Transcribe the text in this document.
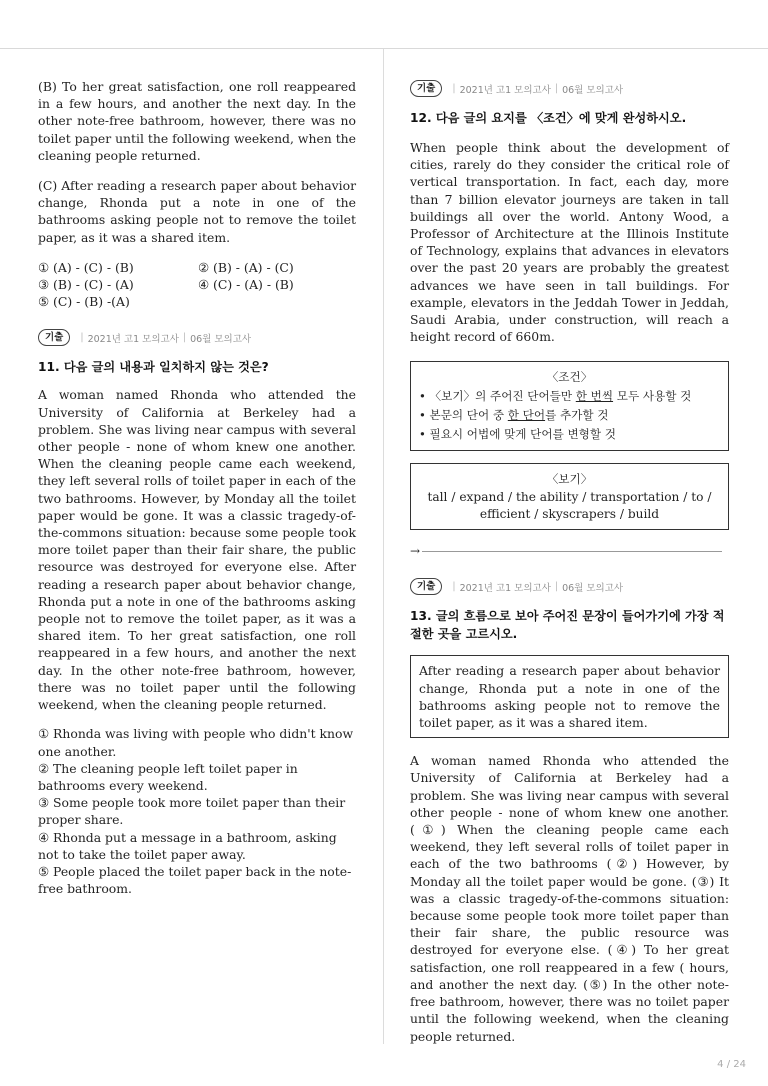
(B) To her great satisfaction, one roll reappeared in a few hours, and another the next day. In the other note-free bathroom, however, there was no toilet paper until the following weekend, when the cleaning people returned.

(C) After reading a research paper about behavior change, Rhonda put a note in one of the bathrooms asking people not to remove the toilet paper, as it was a shared item.

① (A) - (C) - (B)	② (B) - (A) - (C)
③ (B) - (C) - (A)	④ (C) - (A) - (B)
⑤ (C) - (B) -(A)
기출	| 2021년 고1 모의고사 | 06월 모의고사

11. 다음 글의 내용과 일치하지 않는 것은?

A woman named Rhonda who attended the University of California at Berkeley had a problem. She was living near campus with several other people - none of whom knew one another. When the cleaning people came each weekend, they left several rolls of toilet paper in each of the two bathrooms. However, by Monday all the toilet paper would be gone. It was a classic tragedy-of-the-commons situation: because some people took more toilet paper than their fair share, the public resource was destroyed for everyone else. After reading a research paper about behavior change, Rhonda put a note in one of the bathrooms asking people not to remove the toilet paper, as it was a shared item. To her great satisfaction, one roll reappeared in a few hours, and another the next day. In the other note-free bathroom, however, there was no toilet paper until the following weekend, when the cleaning people returned.

① Rhonda was living with people who didn't know one another.

② The cleaning people left toilet paper in bathrooms every weekend.

③ Some people took more toilet paper than their proper share.

④ Rhonda put a message in a bathroom, asking not to take the toilet paper away.

⑤ People placed the toilet paper back in the note-free bathroom.

기출	| 2021년 고1 모의고사 | 06월 모의고사

12. 다음 글의 요지를 〈조건〉에 맞게 완성하시오.

When people think about the development of cities, rarely do they consider the critical role of vertical transportation. In fact, each day, more than 7 billion elevator journeys are taken in tall buildings all over the world. Antony Wood, a Professor of Architecture at the Illinois Institute of Technology, explains that advances in elevators over the past 20 years are probably the greatest advances we have seen in tall buildings. For example, elevators in the Jeddah Tower in Jeddah, Saudi Arabia, under construction, will reach a height record of 660m.

〈조건〉
• 〈보기〉의 주어진 단어들만 한 번씩 모두 사용할 것
• 본문의 단어 중 한 단어를 추가할 것
• 필요시 어법에 맞게 단어를 변형할 것
〈보기〉
tall / expand / the ability / transportation / to / efficient / skyscrapers / build
→
기출	| 2021년 고1 모의고사 | 06월 모의고사

13. 글의 흐름으로 보아 주어진 문장이 들어가기에 가장 적절한 곳을 고르시오.

After reading a research paper about behavior change, Rhonda put a note in one of the bathrooms asking people not to remove the toilet paper, as it was a shared item.

A woman named Rhonda who attended the University of California at Berkeley had a problem. She was living near campus with several other people - none of whom knew one another. (①) When the cleaning people came each weekend, they left several rolls of toilet paper in each of the two bathrooms (②) However, by Monday all the toilet paper would be gone. (③) It was a classic tragedy-of-the-commons situation: because some people took more toilet paper than their fair share, the public resource was destroyed for everyone else. (④) To her great satisfaction, one roll reappeared in a few ( hours, and another the next day. (⑤) In the other note-free bathroom, however, there was no toilet paper until the following weekend, when the cleaning people returned.

4 / 24
